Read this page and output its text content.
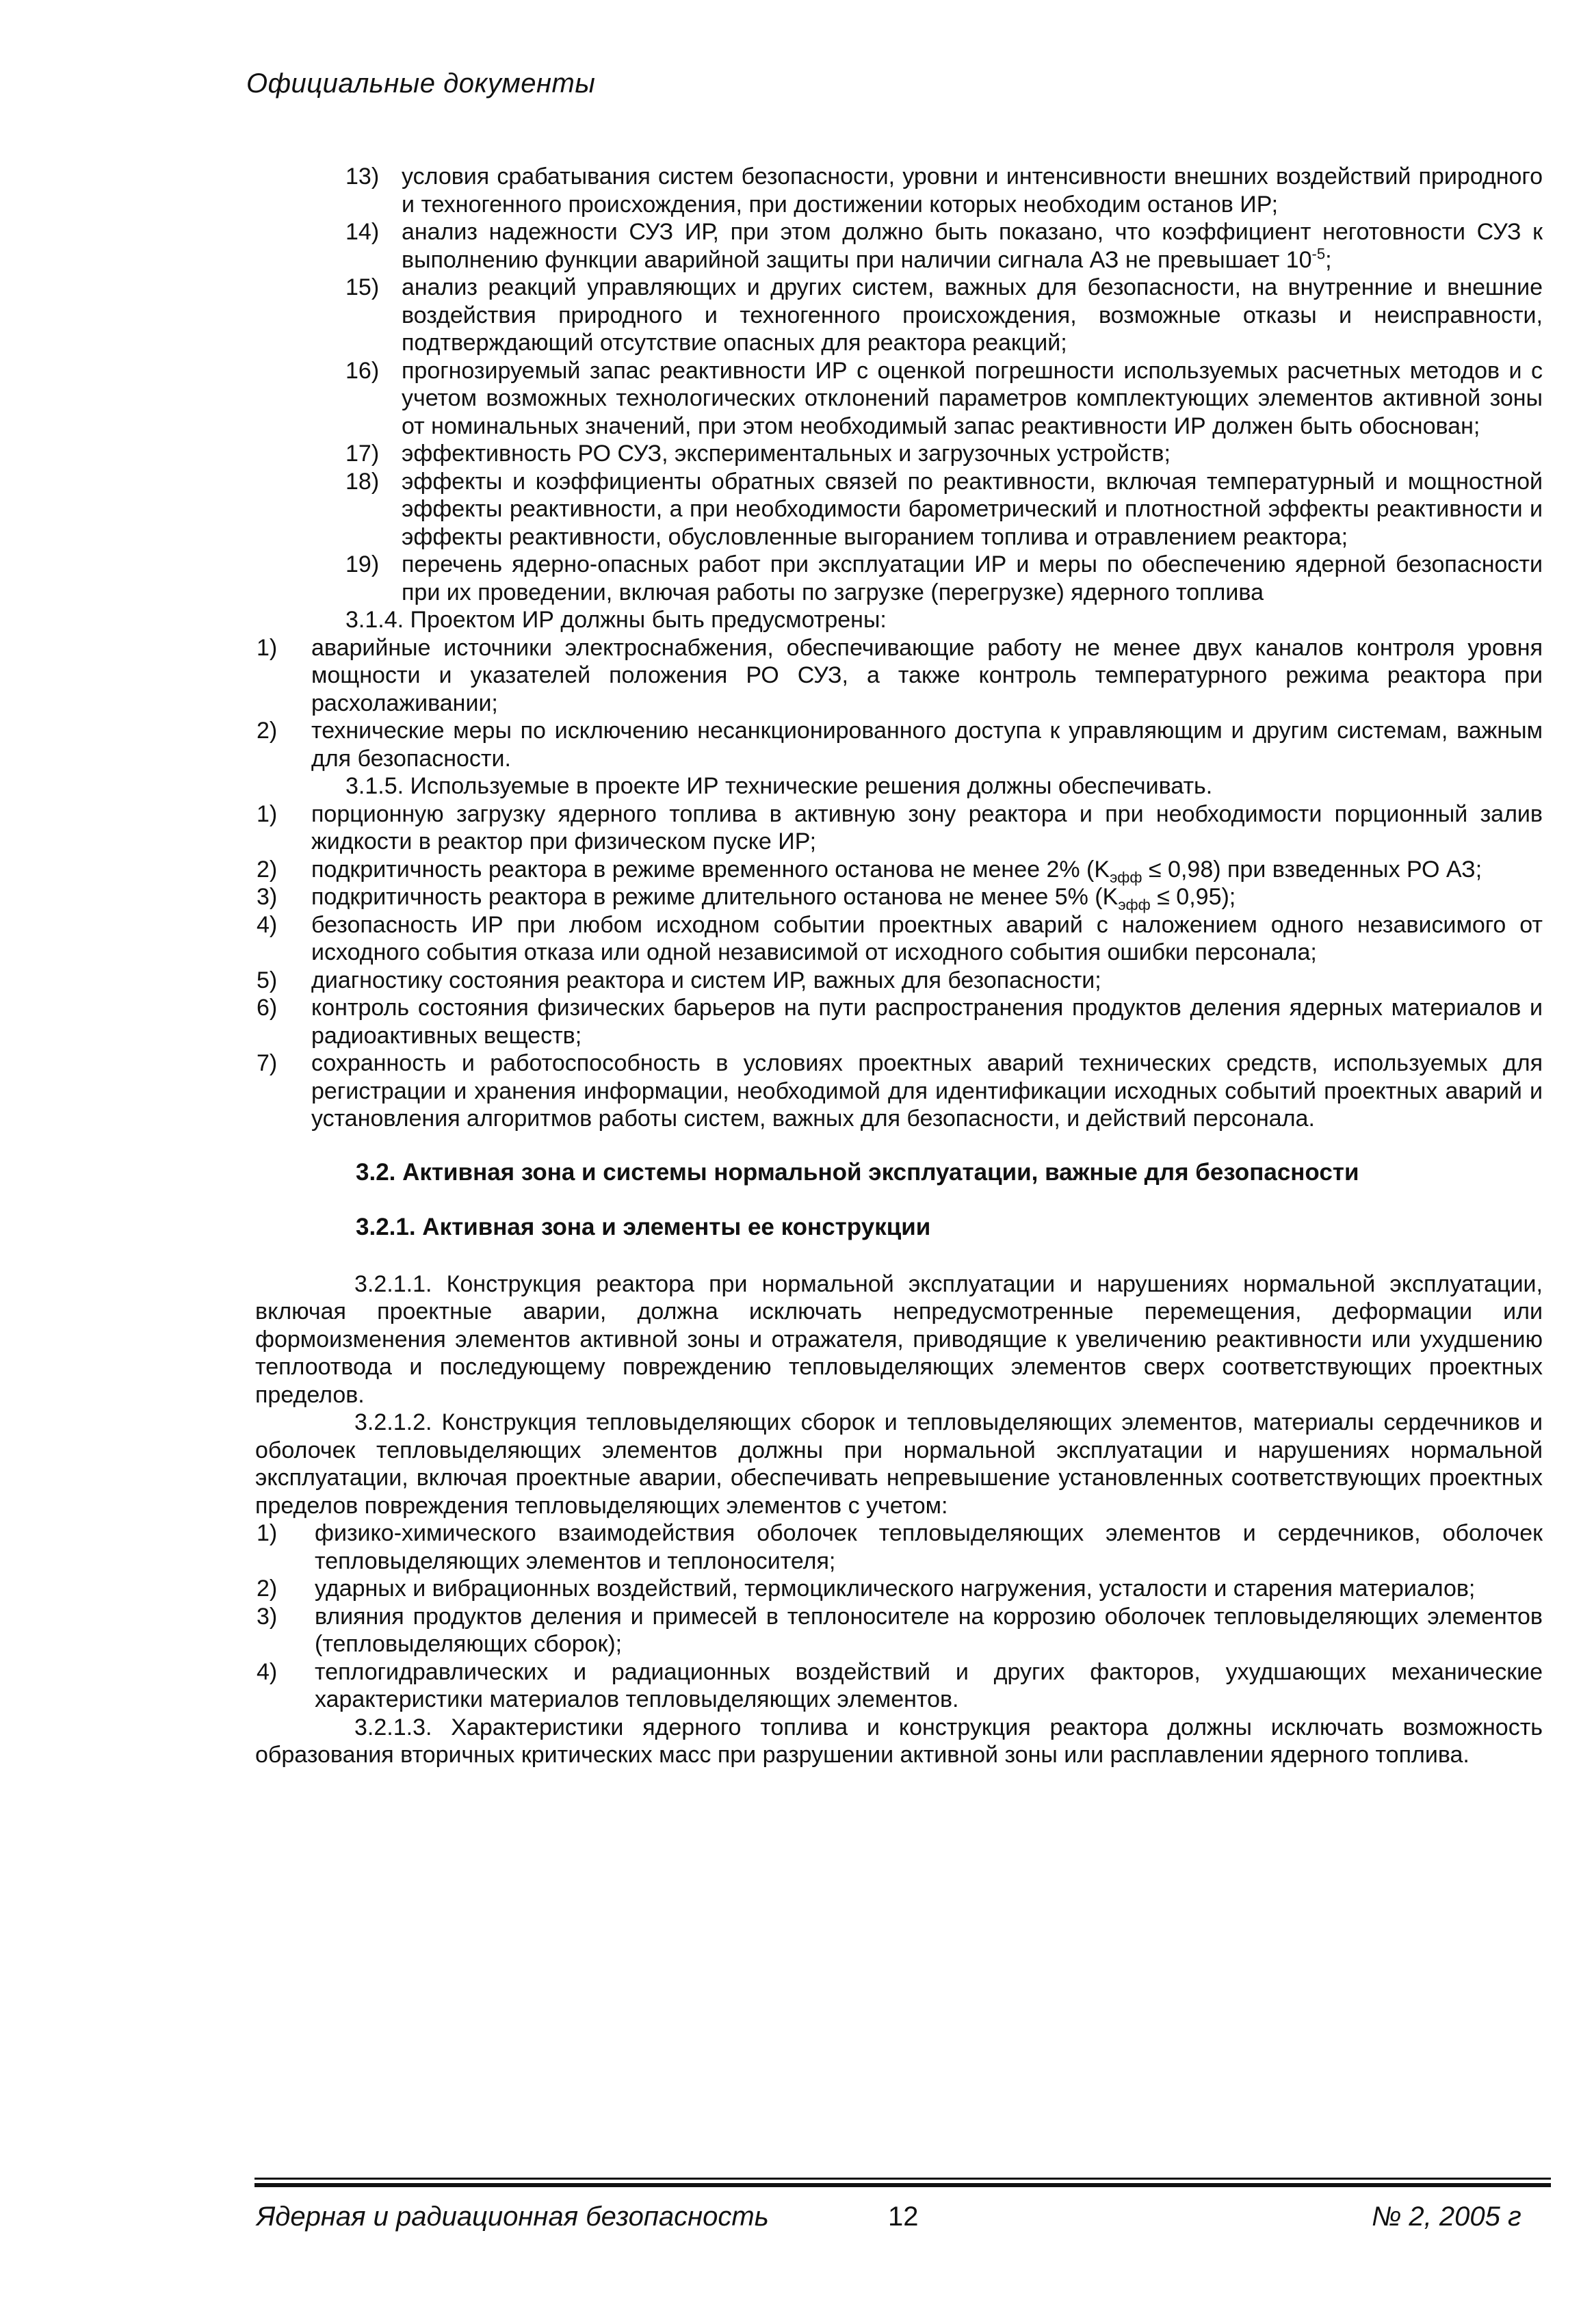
Официальные документы
13) условия срабатывания систем безопасности, уровни и интенсивности внешних воздействий природного и техногенного происхождения, при достижении которых необходим останов ИР;
14) анализ надежности СУЗ ИР, при этом должно быть показано, что коэффициент неготовности СУЗ к выполнению функции аварийной защиты при наличии сигнала АЗ не превышает $10^{-5}$;
15) анализ реакций управляющих и других систем, важных для безопасности, на внутренние и внешние воздействия природного и техногенного происхождения, возможные отказы и неисправности, подтверждающий отсутствие опасных для реактора реакций;
16) прогнозируемый запас реактивности ИР с оценкой погрешности используемых расчетных методов и с учетом возможных технологических отклонений параметров комплектующих элементов активной зоны от номинальных значений, при этом необходимый запас реактивности ИР должен быть обоснован;
17) эффективность РО СУЗ, экспериментальных и загрузочных устройств;
18) эффекты и коэффициенты обратных связей по реактивности, включая температурный и мощностной эффекты реактивности, а при необходимости барометрический и плотностной эффекты реактивности и эффекты реактивности, обусловленные выгоранием топлива и отравлением реактора;
19) перечень ядерно-опасных работ при эксплуатации ИР и меры по обеспечению ядерной безопасности при их проведении, включая работы по загрузке (перегрузке) ядерного топлива
3.1.4. Проектом ИР должны быть предусмотрены:
1)	аварийные источники электроснабжения, обеспечивающие работу не менее двух каналов контроля уровня мощности и указателей положения РО СУЗ, а также контроль температурного режима реактора при расхолаживании;
2)	технические меры по исключению несанкционированного доступа к управляющим и другим системам, важным для безопасности.
3.1.5. Используемые в проекте ИР технические решения должны обеспечивать.
1)	порционную загрузку ядерного топлива в активную зону реактора и при необходимости порционный залив жидкости в реактор при физическом пуске ИР;
2)	подкритичность реактора в режиме временного останова не менее 2% $(K_{эфф} \le 0,98)$ при взведенных РО АЗ;
3)	подкритичность реактора в режиме длительного останова не менее 5% $(K_{эфф} \le 0,95)$;
4)	безопасность ИР при любом исходном событии проектных аварий с наложением одного независимого от исходного события отказа или одной независимой от исходного события ошибки персонала;
5)	диагностику состояния реактора и систем ИР, важных для безопасности;
6)	контроль состояния физических барьеров на пути распространения продуктов деления ядерных материалов и радиоактивных веществ;
7)	сохранность и работоспособность в условиях проектных аварий технических средств, используемых для регистрации и хранения информации, необходимой для идентификации исходных событий проектных аварий и установления алгоритмов работы систем, важных для безопасности, и действий персонала.
3.2. Активная зона и системы нормальной эксплуатации, важные для безопасности
3.2.1. Активная зона и элементы ее конструкции
3.2.1.1. Конструкция реактора при нормальной эксплуатации и нарушениях нормальной эксплуатации, включая проектные аварии, должна исключать непредусмотренные перемещения, деформации или формоизменения элементов активной зоны и отражателя, приводящие к увеличению реактивности или ухудшению теплоотвода и последующему повреждению тепловыделяющих элементов сверх соответствующих проектных пределов.
3.2.1.2. Конструкция тепловыделяющих сборок и тепловыделяющих элементов, материалы сердечников и оболочек тепловыделяющих элементов должны при нормальной эксплуатации и нарушениях нормальной эксплуатации, включая проектные аварии, обеспечивать непревышение установленных соответствующих проектных пределов повреждения тепловыделяющих элементов с учетом:
1)	физико-химического взаимодействия оболочек тепловыделяющих элементов и сердечников, оболочек тепловыделяющих элементов и теплоносителя;
2)	ударных и вибрационных воздействий, термоциклического нагружения, усталости и старения материалов;
3)	влияния продуктов деления и примесей в теплоносителе на коррозию оболочек тепловыделяющих элементов (тепловыделяющих сборок);
4)	теплогидравлических и радиационных воздействий и других факторов, ухудшающих механические характеристики материалов тепловыделяющих элементов.
3.2.1.3. Характеристики ядерного топлива и конструкция реактора должны исключать возможность образования вторичных критических масс при разрушении активной зоны или расплавлении ядерного топлива.
Ядерная и радиационная безопасность	12	№ 2, 2005 г
